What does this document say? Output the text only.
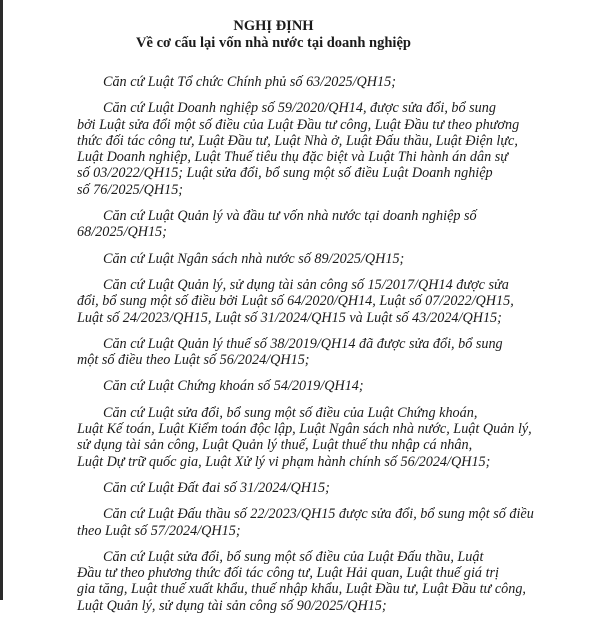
NGHỊ ĐỊNH

Về cơ cấu lại vốn nhà nước tại doanh nghiệp

Căn cứ Luật Tổ chức Chính phủ số 63/2025/QH15;
Căn cứ Luật Doanh nghiệp số 59/2020/QH14, được sửa đổi, bổ sung
bởi Luật sửa đổi một số điều của Luật Đầu tư công, Luật Đầu tư theo phương
thức đối tác công tư, Luật Đầu tư, Luật Nhà ở, Luật Đấu thầu, Luật Điện lực,
Luật Doanh nghiệp, Luật Thuế tiêu thụ đặc biệt và Luật Thi hành án dân sự
số 03/2022/QH15; Luật sửa đổi, bổ sung một số điều Luật Doanh nghiệp
số 76/2025/QH15;
Căn cứ Luật Quản lý và đầu tư vốn nhà nước tại doanh nghiệp số
68/2025/QH15;
Căn cứ Luật Ngân sách nhà nước số 89/2025/QH15;
Căn cứ Luật Quản lý, sử dụng tài sản công số 15/2017/QH14 được sửa
đổi, bổ sung một số điều bởi Luật số 64/2020/QH14, Luật số 07/2022/QH15,
Luật số 24/2023/QH15, Luật số 31/2024/QH15 và Luật số 43/2024/QH15;
Căn cứ Luật Quản lý thuế số 38/2019/QH14 đã được sửa đổi, bổ sung
một số điều theo Luật số 56/2024/QH15;
Căn cứ Luật Chứng khoán số 54/2019/QH14;
Căn cứ Luật sửa đổi, bổ sung một số điều của Luật Chứng khoán,
Luật Kế toán, Luật Kiểm toán độc lập, Luật Ngân sách nhà nước, Luật Quản lý,
sử dụng tài sản công, Luật Quản lý thuế, Luật thuế thu nhập cá nhân,
Luật Dự trữ quốc gia, Luật Xử lý vi phạm hành chính số 56/2024/QH15;
Căn cứ Luật Đất đai số 31/2024/QH15;
Căn cứ Luật Đấu thầu số 22/2023/QH15 được sửa đổi, bổ sung một số điều
theo Luật số 57/2024/QH15;
Căn cứ Luật sửa đổi, bổ sung một số điều của Luật Đấu thầu, Luật
Đầu tư theo phương thức đối tác công tư, Luật Hải quan, Luật thuế giá trị
gia tăng, Luật thuế xuất khẩu, thuế nhập khẩu, Luật Đầu tư, Luật Đầu tư công,
Luật Quản lý, sử dụng tài sản công số 90/2025/QH15;
